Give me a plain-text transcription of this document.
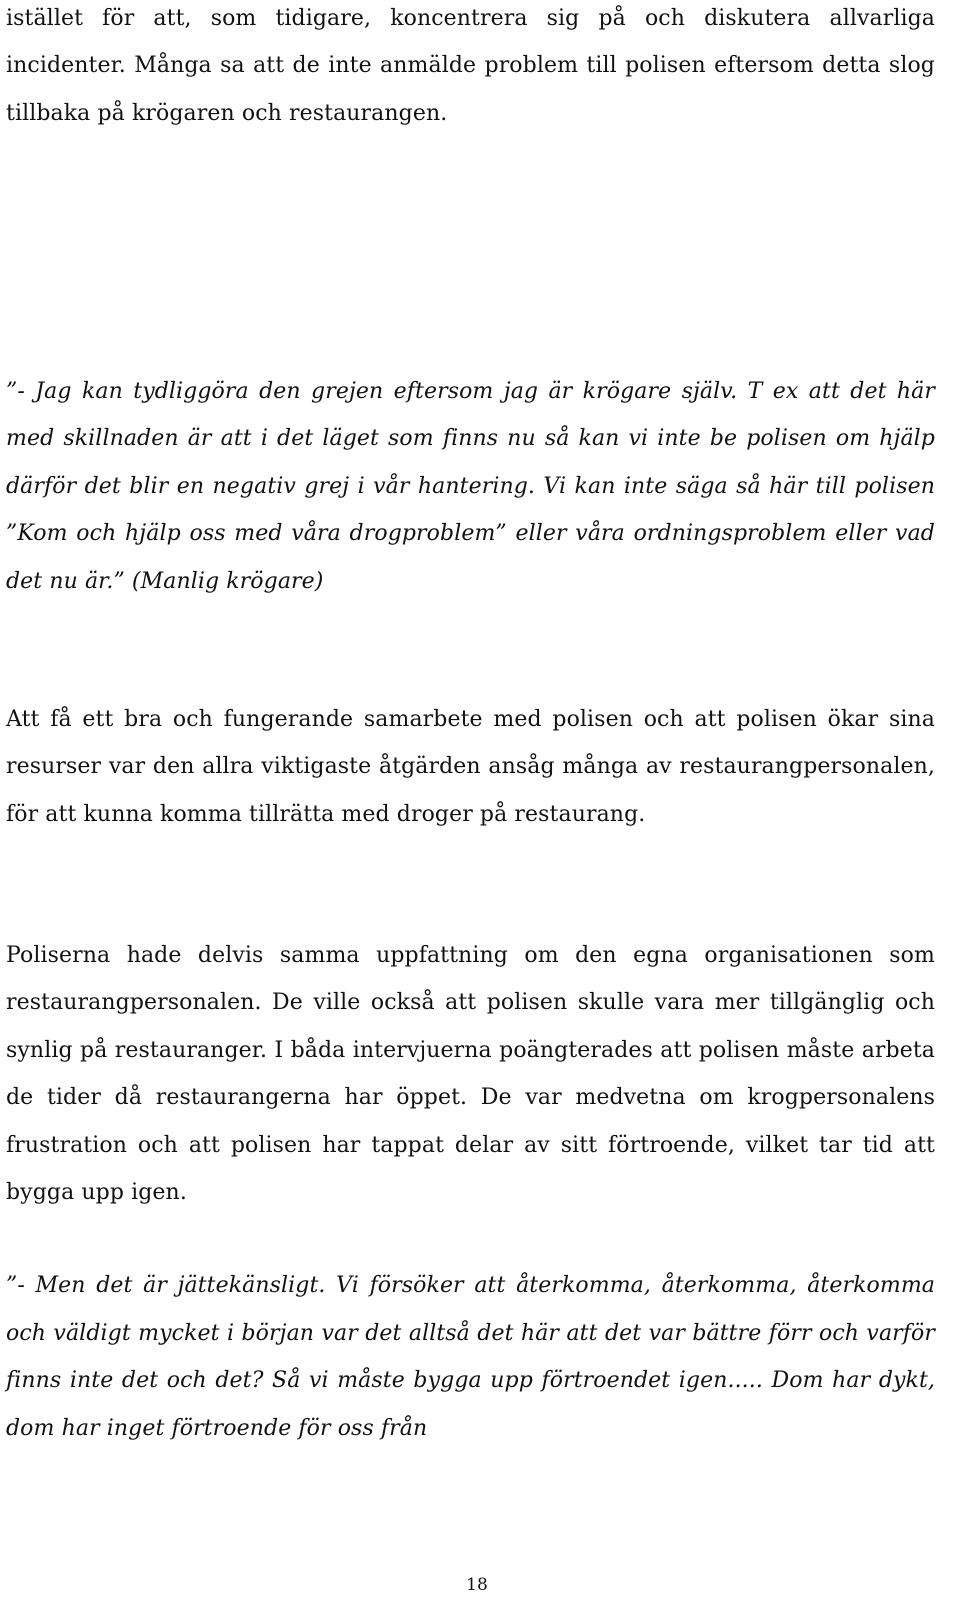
istället för att, som tidigare, koncentrera sig på och diskutera allvarliga incidenter. Många sa att de inte anmälde problem till polisen eftersom detta slog tillbaka på krögaren och restaurangen.

”- Jag kan tydliggöra den grejen eftersom jag är krögare själv. T ex att det här med skillnaden är att i det läget som finns nu så kan vi inte be polisen om hjälp därför det blir en negativ grej i vår hantering. Vi kan inte säga så här till polisen ”Kom och hjälp oss med våra drogproblem” eller våra ordningsproblem eller vad det nu är.” (Manlig krögare)

Att få ett bra och fungerande samarbete med polisen och att polisen ökar sina resurser var den allra viktigaste åtgärden ansåg många av restaurangpersonalen, för att kunna komma tillrätta med droger på restaurang.

Poliserna hade delvis samma uppfattning om den egna organisationen som restaurangpersonalen. De ville också att polisen skulle vara mer tillgänglig och synlig på restauranger. I båda intervjuerna poängterades att polisen måste arbeta de tider då restaurangerna har öppet. De var medvetna om krogpersonalens frustration och att polisen har tappat delar av sitt förtroende, vilket tar tid att bygga upp igen.

”- Men det är jättekänsligt. Vi försöker att återkomma, återkomma, återkomma och väldigt mycket i början var det alltså det här att det var bättre förr och varför finns inte det och det? Så vi måste bygga upp förtroendet igen..... Dom har dykt, dom har inget förtroende för oss från

18
